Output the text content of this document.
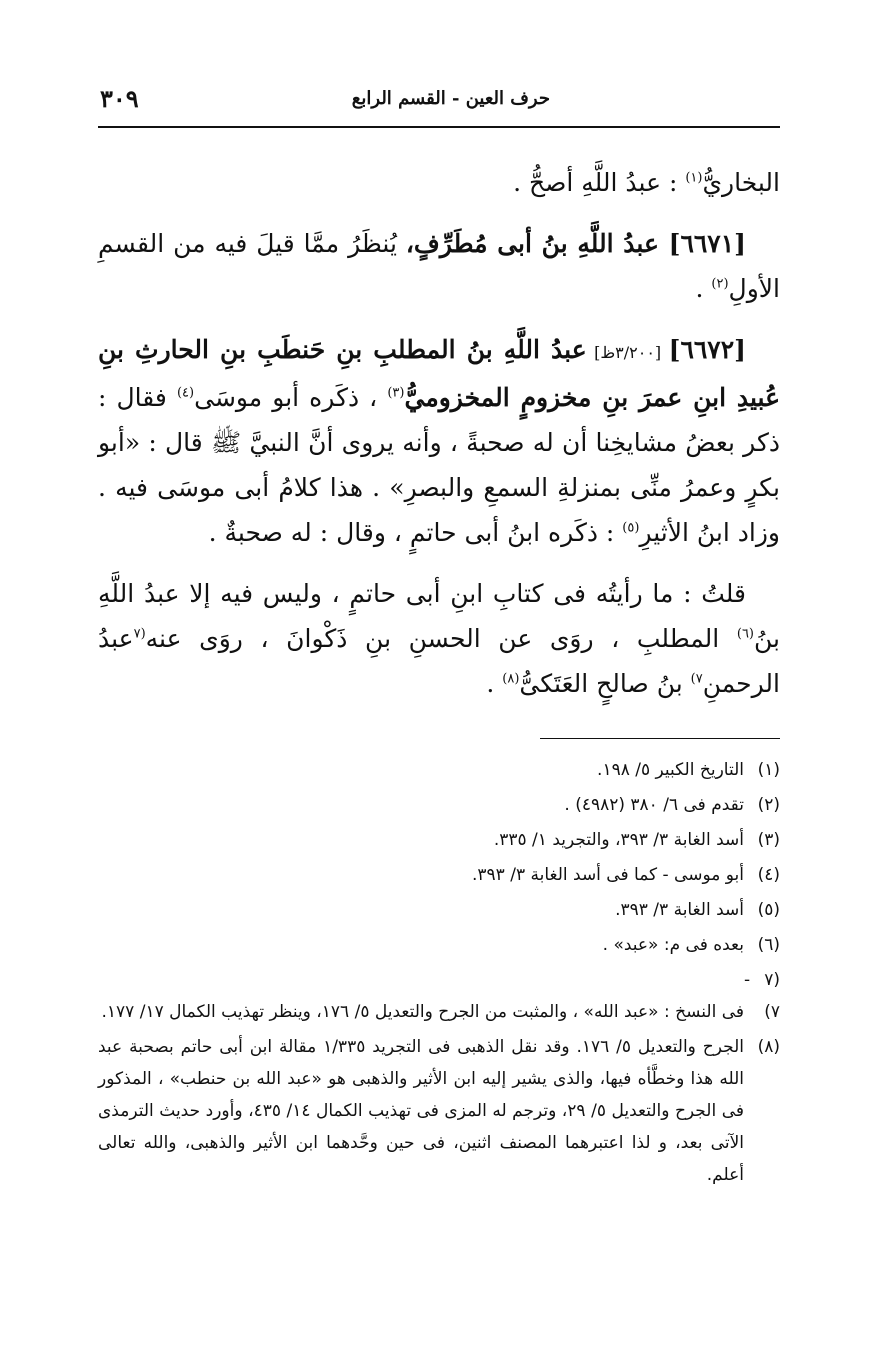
حرف العين - القسم الرابع
٣٠٩

البخاريُّ$^{(١)}$ : عبدُ اللَّهِ أصحُّ .

[٦٦٧١] عبدُ اللَّهِ بنُ أبى مُطَرِّفٍ، يُنظَرُ ممَّا قيلَ فيه من القسمِ الأولِ$^{(٢)}$ .

[٦٦٧٢] [٣/٢٠٠ظ] عبدُ اللَّهِ بنُ المطلبِ بنِ حَنطَبِ بنِ الحارثِ بنِ عُبيدِ ابنِ عمرَ بنِ مخزومٍ المخزوميُّ$^{(٣)}$ ، ذكَره أبو موسَى$^{(٤)}$ فقال : ذكر بعضُ مشايخِنا أن له صحبةً ، وأنه يروى أنَّ النبيَّ ﷺ قال : «أبو بكرٍ وعمرُ منِّى بمنزلةِ السمعِ والبصرِ» . هذا كلامُ أبى موسَى فيه . وزاد ابنُ الأثيرِ$^{(٥)}$ : ذكَره ابنُ أبى حاتمٍ ، وقال : له صحبةٌ .

قلتُ : ما رأيتُه فى كتابِ ابنِ أبى حاتمٍ ، وليس فيه إلا عبدُ اللَّهِ بنُ$^{(٦)}$ المطلبِ ، روَى عن الحسنِ بنِ ذَكْوانَ ، روَى عنه$^{(٧}$عبدُ الرحمنِ$^{٧)}$ بنُ صالحٍ العَتَكىُّ$^{(٨)}$ .

(١)التاريخ الكبير ٥/ ١٩٨.

(٢)تقدم فى ٦/ ٣٨٠ (٤٩٨٢) .

(٣)أسد الغابة ٣/ ٣٩٣، والتجريد ١/ ٣٣٥.

(٤)أبو موسى - كما فى أسد الغابة ٣/ ٣٩٣.

(٥)أسد الغابة ٣/ ٣٩٣.

(٦)بعده فى م: «عبد» .

(٧ - ٧)فى النسخ : «عبد الله» ، والمثبت من الجرح والتعديل ٥/ ١٧٦، وينظر تهذيب الكمال ١٧/ ١٧٧.

(٨)الجرح والتعديل ٥/ ١٧٦. وقد نقل الذهبى فى التجريد ١/٣٣٥ مقالة ابن أبى حاتم بصحبة عبد الله هذا وخطَّأه فيها، والذى يشير إليه ابن الأثير والذهبى هو «عبد الله بن حنطب» ، المذكور فى الجرح والتعديل ٥/ ٢٩، وترجم له المزى فى تهذيب الكمال ١٤/ ٤٣٥، وأورد حديث الترمذى الآتى بعد، و لذا اعتبرهما المصنف اثنين، فى حين وحَّدهما ابن الأثير والذهبى، والله تعالى أعلم.
